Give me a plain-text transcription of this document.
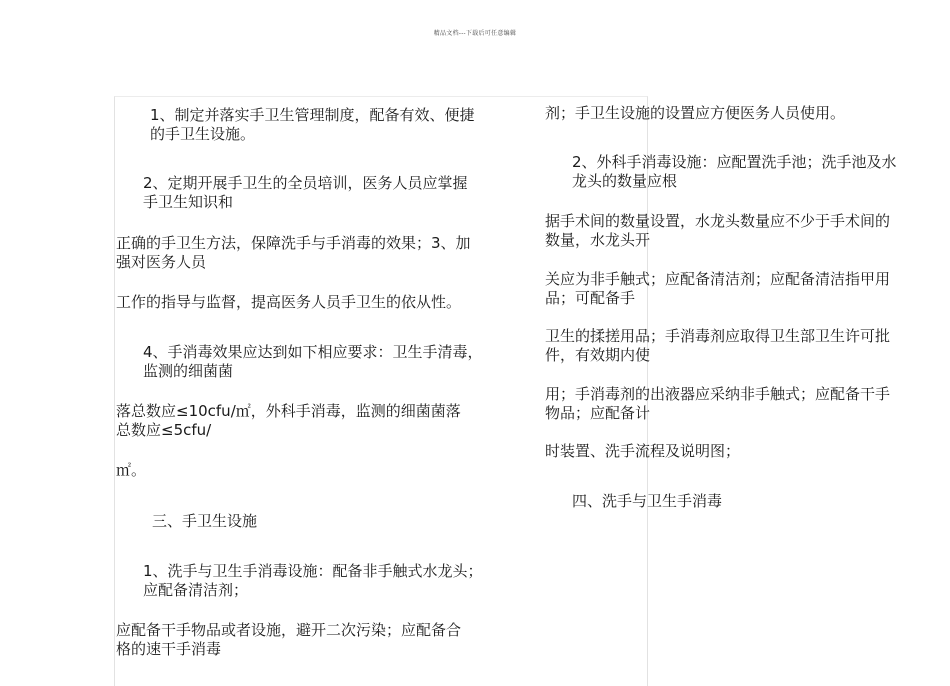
精品文档---下载后可任意编辑
1、制定并落实手卫生管理制度，配备有效、便捷
的手卫生设施。
2、定期开展手卫生的全员培训，医务人员应掌握
手卫生知识和
正确的手卫生方法，保障洗手与手消毒的效果；3、加
强对医务人员
工作的指导与监督，提高医务人员手卫生的依从性。
4、手消毒效果应达到如下相应要求：卫生手清毒，
监测的细菌菌
落总数应≤10cfu/㎡，外科手消毒，监测的细菌菌落
总数应≤5cfu/
㎡。
三、手卫生设施
1、洗手与卫生手消毒设施：配备非手触式水龙头；
应配备清洁剂；
应配备干手物品或者设施，避开二次污染；应配备合
格的速干手消毒
剂；手卫生设施的设置应方便医务人员使用。
2、外科手消毒设施：应配置洗手池；洗手池及水
龙头的数量应根
据手术间的数量设置，水龙头数量应不少于手术间的
数量，水龙头开
关应为非手触式；应配备清洁剂；应配备清洁指甲用
品；可配备手
卫生的揉搓用品；手消毒剂应取得卫生部卫生许可批
件，有效期内使
用；手消毒剂的出液器应采纳非手触式；应配备干手
物品；应配备计
时装置、洗手流程及说明图；
四、洗手与卫生手消毒
